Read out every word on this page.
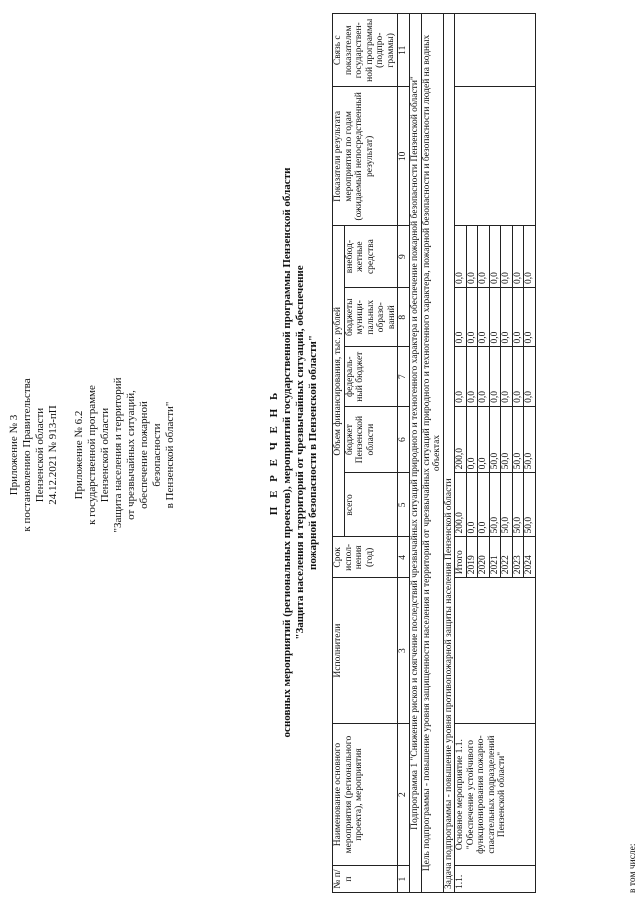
Приложение № 3 к постановлению Правительства Пензенской области 24.12.2021 № 913-пП
Приложение № 6.2 к государственной программе Пензенской области "Защита населения и территорий от чрезвычайных ситуаций, обеспечение пожарной безопасности в Пензенской области"	П Е Р Е Ч Е Н Ь основных мероприятий (региональных проектов), мероприятий государственной программы Пензенской области "Защита населения и территорий от чрезвычайных ситуаций, обеспечение пожарной безопасности в Пензенской области"
№ п/п	Наименование основного мероприятия (регионального проекта), мероприятия	Исполнители	Срок испол-нения (год)	Объем финансирования, тыс. рублей					Показатели результата мероприятия по годам (ожидаемый непосредственный результат)	Связь с показателем государствен-ной программы (подпро-граммы)
				всего	бюджет Пензенской области	федераль-ный бюджет	бюджеты муници-пальных образо-ваний	внебюд-жетные средства		
1	2	3	4	5	6	7	8	9	10	11
Подпрограмма 1 "Снижение рисков и смягчение последствий чрезвычайных ситуаций природного и техногенного характера и обеспечение пожарной безопасности Пензенской области"										
Цель подпрограммы - повышение уровня защищенности населения и территорий от чрезвычайных ситуаций природного и техногенного характера, пожарной безопасности и безопасности людей на водных объектах										
Задача подпрограммы - повышение уровня противопожарной защиты населения Пензенской области										
1.1.	Основное мероприятие 1.1. "Обеспечение устойчивого функционирования пожарно-спасательных подразделений Пензенской области"		Итого	200,0	200,0	0,0	0,0	0,0		
			2019	0,0	0,0	0,0	0,0	0,0		
			2020	0,0	0,0	0,0	0,0	0,0		
			2021	50,0	50,0	0,0	0,0	0,0		
			2022	50,0	50,0	0,0	0,0	0,0		
			2023	50,0	50,0	0,0	0,0	0,0		
			2024	50,0	50,0	0,0	0,0	0,0		
в том числе:
